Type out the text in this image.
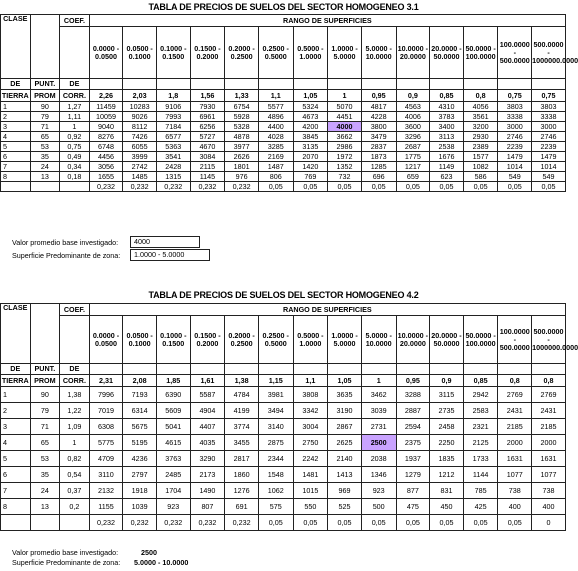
TABLA DE PRECIOS DE SUELOS DEL SECTOR HOMOGENEO 3.1
CLASE		COEF.	RANGO DE SUPERFICIES													
			0.0000 - 0.0500	0.0500 - 0.1000	0.1000 - 0.1500	0.1500 - 0.2000	0.2000 - 0.2500	0.2500 - 0.5000	0.5000 - 1.0000	1.0000 - 5.0000	5.0000 - 10.0000	10.0000 - 20.0000	20.0000 - 50.0000	50.0000 - 100.0000	100.0000 - 500.0000	500.0000 - 1000000.0000
DE	PUNT.	DE														
TIERRA	PROM	CORR.	2,26	2,03	1,8	1,56	1,33	1,1	1,05	1	0,95	0,9	0,85	0,8	0,75	0,75
1	90	1,27	11459	10283	9106	7930	6754	5577	5324	5070	4817	4563	4310	4056	3803	3803
2	79	1,11	10059	9026	7993	6961	5928	4896	4673	4451	4228	4006	3783	3561	3338	3338
3	71	1	9040	8112	7184	6256	5328	4400	4200	4000	3800	3600	3400	3200	3000	3000
4	65	0,92	8276	7426	6577	5727	4878	4028	3845	3662	3479	3296	3113	2930	2746	2746
5	53	0,75	6748	6055	5363	4670	3977	3285	3135	2986	2837	2687	2538	2389	2239	2239
6	35	0,49	4456	3999	3541	3084	2626	2169	2070	1972	1873	1775	1676	1577	1479	1479
7	24	0,34	3056	2742	2428	2115	1801	1487	1420	1352	1285	1217	1149	1082	1014	1014
8	13	0,18	1655	1485	1315	1145	976	806	769	732	696	659	623	586	549	549
			0,232	0,232	0,232	0,232	0,232	0,05	0,05	0,05	0,05	0,05	0,05	0,05	0,05	0,05
Valor promedio base investigado:	4000
Superficie Predominante de zona:	1.0000 - 5.0000
TABLA DE PRECIOS DE SUELOS DEL SECTOR HOMOGENEO 4.2
CLASE		COEF.	RANGO DE SUPERFICIES													
			0.0000 - 0.0500	0.0500 - 0.1000	0.1000 - 0.1500	0.1500 - 0.2000	0.2000 - 0.2500	0.2500 - 0.5000	0.5000 - 1.0000	1.0000 - 5.0000	5.0000 - 10.0000	10.0000 - 20.0000	20.0000 - 50.0000	50.0000 - 100.0000	100.0000 - 500.0000	500.0000 - 1000000.0000
DE	PUNT.	DE														
TIERRA	PROM	CORR.	2,31	2,08	1,85	1,61	1,38	1,15	1,1	1,05	1	0,95	0,9	0,85	0,8	0,8
1	90	1,38	7996	7193	6390	5587	4784	3981	3808	3635	3462	3288	3115	2942	2769	2769
2	79	1,22	7019	6314	5609	4904	4199	3494	3342	3190	3039	2887	2735	2583	2431	2431
3	71	1,09	6308	5675	5041	4407	3774	3140	3004	2867	2731	2594	2458	2321	2185	2185
4	65	1	5775	5195	4615	4035	3455	2875	2750	2625	2500	2375	2250	2125	2000	2000
5	53	0,82	4709	4236	3763	3290	2817	2344	2242	2140	2038	1937	1835	1733	1631	1631
6	35	0,54	3110	2797	2485	2173	1860	1548	1481	1413	1346	1279	1212	1144	1077	1077
7	24	0,37	2132	1918	1704	1490	1276	1062	1015	969	923	877	831	785	738	738
8	13	0,2	1155	1039	923	807	691	575	550	525	500	475	450	425	400	400
			0,232	0,232	0,232	0,232	0,232	0,05	0,05	0,05	0,05	0,05	0,05	0,05	0,05	0
Valor promedio base investigado:	2500
Superficie Predominante de zona: 5.0000 - 10.0000
